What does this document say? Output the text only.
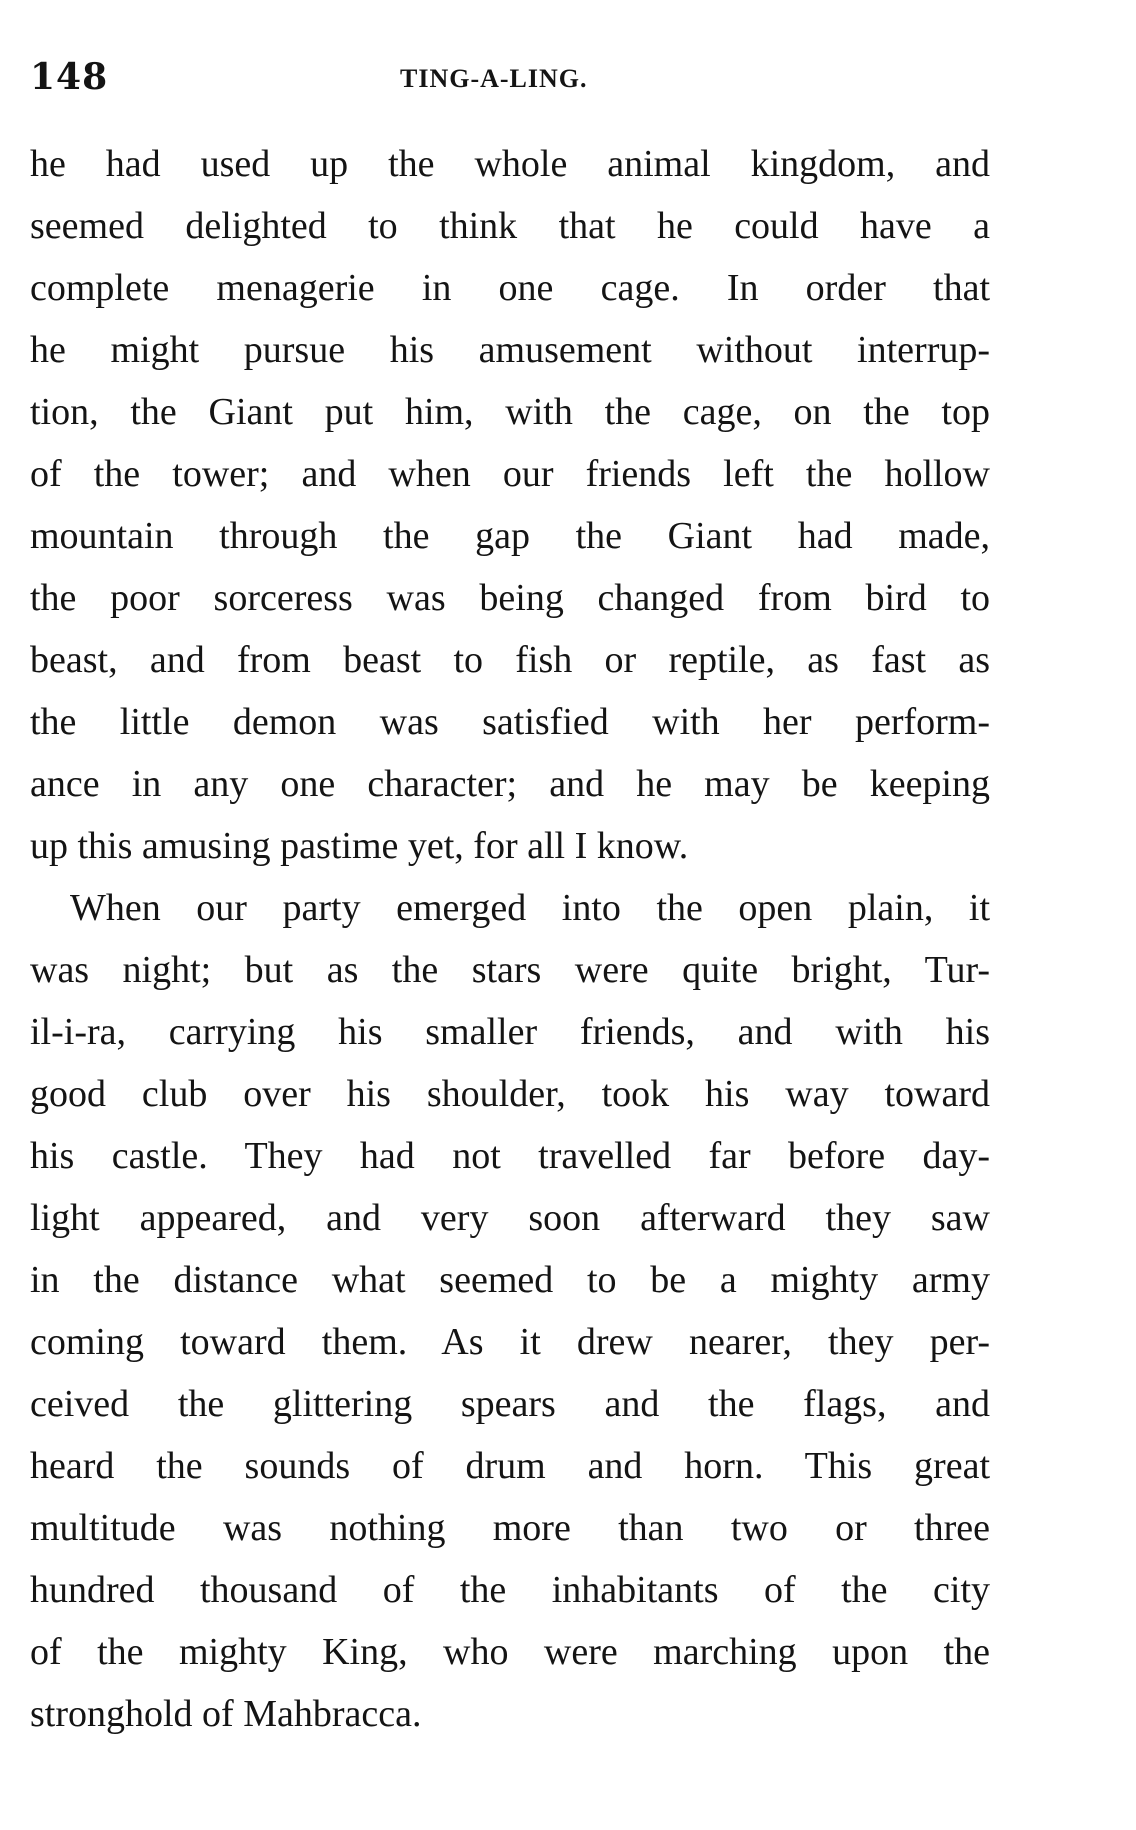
148	TING-A-LING.
he had used up the whole animal kingdom, and
seemed delighted to think that he could have a
complete menagerie in one cage. In order that
he might pursue his amusement without interrup-
tion, the Giant put him, with the cage, on the top
of the tower; and when our friends left the hollow
mountain through the gap the Giant had made,
the poor sorceress was being changed from bird to
beast, and from beast to fish or reptile, as fast as
the little demon was satisfied with her perform-
ance in any one character; and he may be keeping
up this amusing pastime yet, for all I know.
When our party emerged into the open plain, it
was night; but as the stars were quite bright, Tur-
il-i-ra, carrying his smaller friends, and with his
good club over his shoulder, took his way toward
his castle. They had not travelled far before day-
light appeared, and very soon afterward they saw
in the distance what seemed to be a mighty army
coming toward them. As it drew nearer, they per-
ceived the glittering spears and the flags, and
heard the sounds of drum and horn. This great
multitude was nothing more than two or three
hundred thousand of the inhabitants of the city
of the mighty King, who were marching upon the
stronghold of Mahbracca.
